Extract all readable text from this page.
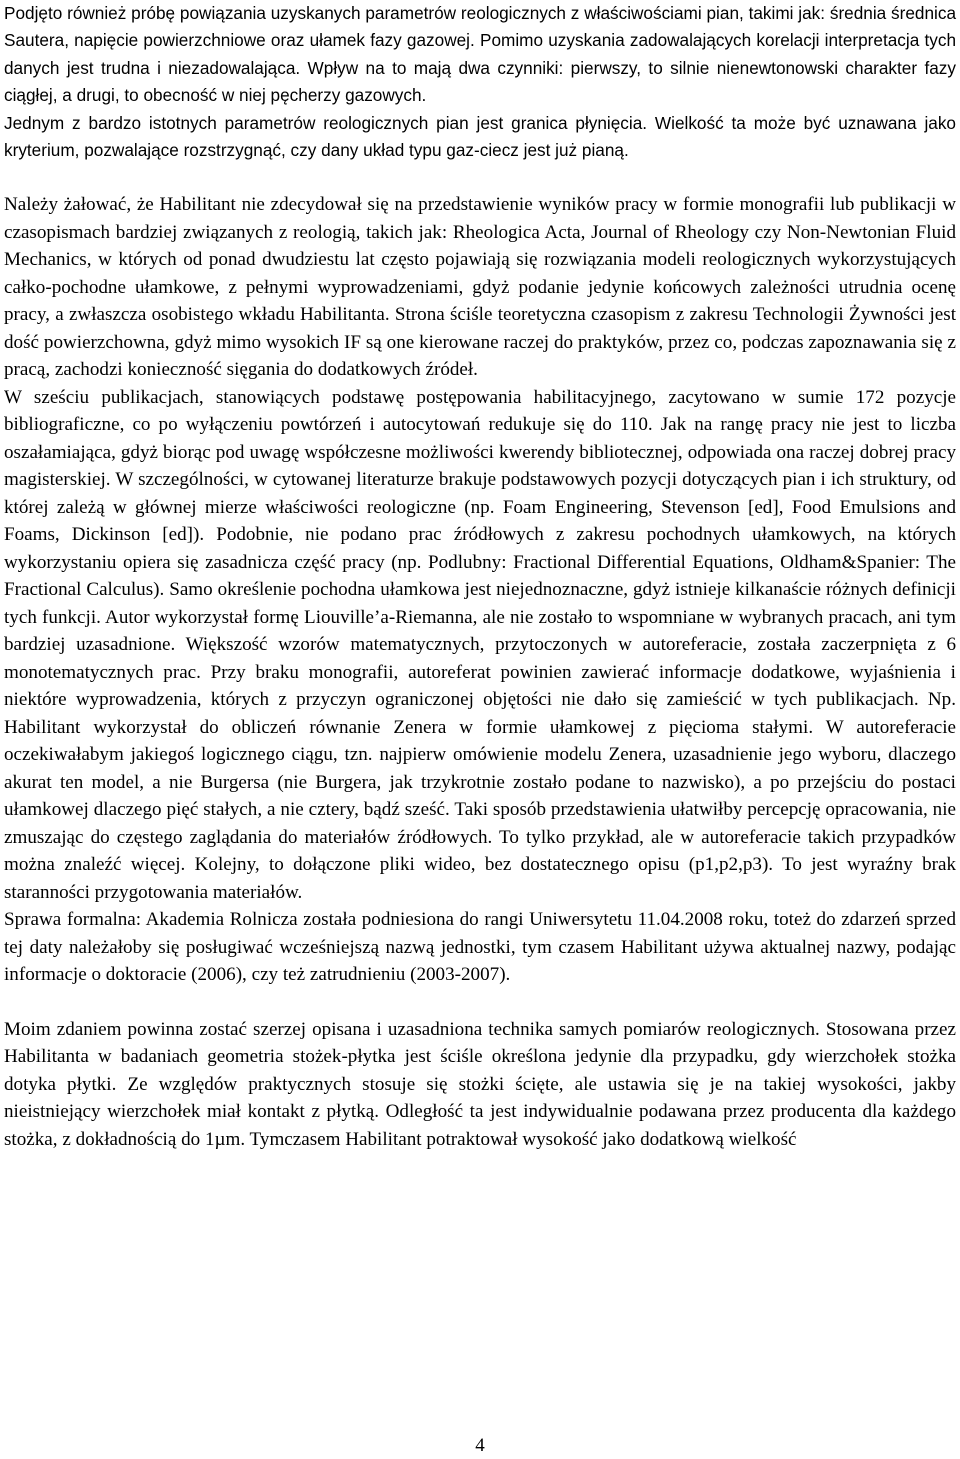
Podjęto również próbę powiązania uzyskanych parametrów reologicznych z właściwościami pian, takimi jak: średnia średnica Sautera, napięcie powierzchniowe oraz ułamek fazy gazowej. Pomimo uzyskania zadowalających korelacji interpretacja tych danych jest trudna i niezadowalająca. Wpływ na to mają dwa czynniki: pierwszy, to silnie nienewtonowski charakter fazy ciągłej, a drugi, to obecność w niej pęcherzy gazowych.

Jednym z bardzo istotnych parametrów reologicznych pian jest granica płynięcia. Wielkość ta może być uznawana jako kryterium, pozwalające rozstrzygnąć, czy dany układ typu gaz-ciecz jest już pianą.

Należy żałować, że Habilitant nie zdecydował się na przedstawienie wyników pracy w formie monografii lub publikacji w czasopismach bardziej związanych z reologią, takich jak: Rheologica Acta, Journal of Rheology czy Non-Newtonian Fluid Mechanics, w których od ponad dwudziestu lat często pojawiają się rozwiązania modeli reologicznych wykorzystujących całko-pochodne ułamkowe, z pełnymi wyprowadzeniami, gdyż podanie jedynie końcowych zależności utrudnia ocenę pracy, a zwłaszcza osobistego wkładu Habilitanta. Strona ściśle teoretyczna czasopism z zakresu Technologii Żywności jest dość powierzchowna, gdyż mimo wysokich IF są one kierowane raczej do praktyków, przez co, podczas zapoznawania się z pracą, zachodzi konieczność sięgania do dodatkowych źródeł.

W sześciu publikacjach, stanowiących podstawę postępowania habilitacyjnego, zacytowano w sumie 172 pozycje bibliograficzne, co po wyłączeniu powtórzeń i autocytowań redukuje się do 110. Jak na rangę pracy nie jest to liczba oszałamiająca, gdyż biorąc pod uwagę współczesne możliwości kwerendy bibliotecznej, odpowiada ona raczej dobrej pracy magisterskiej. W szczególności, w cytowanej literaturze brakuje podstawowych pozycji dotyczących pian i ich struktury, od której zależą w głównej mierze właściwości reologiczne (np. Foam Engineering, Stevenson [ed], Food Emulsions and Foams, Dickinson [ed]). Podobnie, nie podano prac źródłowych z zakresu pochodnych ułamkowych, na których wykorzystaniu opiera się zasadnicza część pracy (np. Podlubny: Fractional Differential Equations, Oldham&Spanier: The Fractional Calculus). Samo określenie pochodna ułamkowa jest niejednoznaczne, gdyż istnieje kilkanaście różnych definicji tych funkcji. Autor wykorzystał formę Liouville’a-Riemanna, ale nie zostało to wspomniane w wybranych pracach, ani tym bardziej uzasadnione. Większość wzorów matematycznych, przytoczonych w autoreferacie, została zaczerpnięta z 6 monotematycznych prac. Przy braku monografii, autoreferat powinien zawierać informacje dodatkowe, wyjaśnienia i niektóre wyprowadzenia, których z przyczyn ograniczonej objętości nie dało się zamieścić w tych publikacjach. Np. Habilitant wykorzystał do obliczeń równanie Zenera w formie ułamkowej z pięcioma stałymi. W autoreferacie oczekiwałabym jakiegoś logicznego ciągu, tzn. najpierw omówienie modelu Zenera, uzasadnienie jego wyboru, dlaczego akurat ten model, a nie Burgersa (nie Burgera, jak trzykrotnie zostało podane to nazwisko), a po przejściu do postaci ułamkowej dlaczego pięć stałych, a nie cztery, bądź sześć. Taki sposób przedstawienia ułatwiłby percepcję opracowania, nie zmuszając do częstego zaglądania do materiałów źródłowych. To tylko przykład, ale w autoreferacie takich przypadków można znaleźć więcej. Kolejny, to dołączone pliki wideo, bez dostatecznego opisu (p1,p2,p3). To jest wyraźny brak staranności przygotowania materiałów.

Sprawa formalna: Akademia Rolnicza została podniesiona do rangi Uniwersytetu 11.04.2008 roku, toteż do zdarzeń sprzed tej daty należałoby się posługiwać wcześniejszą nazwą jednostki, tym czasem Habilitant używa aktualnej nazwy, podając informacje o doktoracie (2006), czy też zatrudnieniu (2003-2007).

Moim zdaniem powinna zostać szerzej opisana i uzasadniona technika samych pomiarów reologicznych. Stosowana przez Habilitanta w badaniach geometria stożek-płytka jest ściśle określona jedynie dla przypadku, gdy wierzchołek stożka dotyka płytki. Ze względów praktycznych stosuje się stożki ścięte, ale ustawia się je na takiej wysokości, jakby nieistniejący wierzchołek miał kontakt z płytką. Odległość ta jest indywidualnie podawana przez producenta dla każdego stożka, z dokładnością do 1µm. Tymczasem Habilitant potraktował wysokość jako dodatkową wielkość

4
